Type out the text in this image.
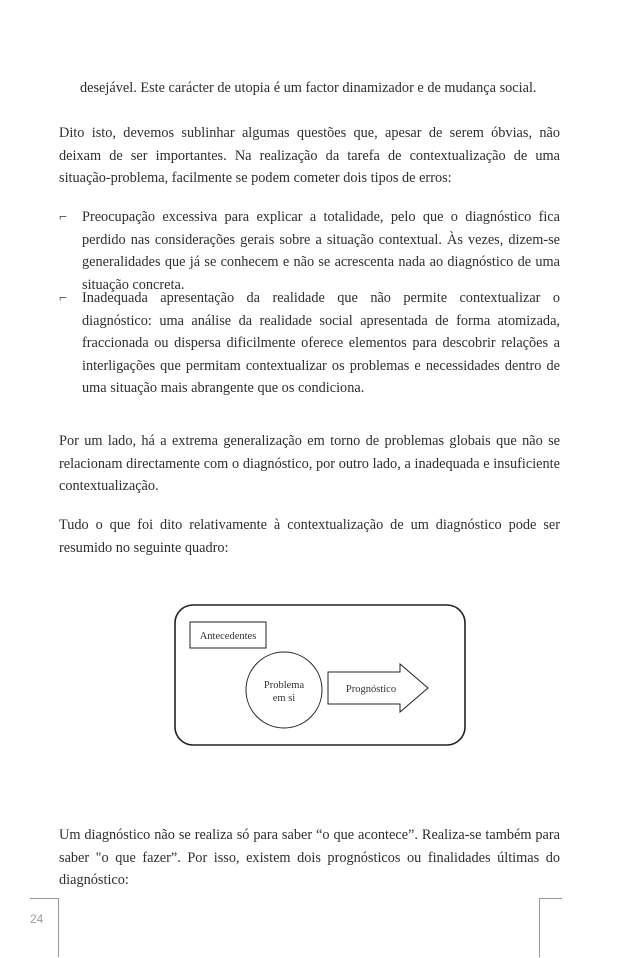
desejável. Este carácter de utopia é um factor dinamizador e de mudança social.

Dito isto, devemos sublinhar algumas questões que, apesar de serem óbvias, não deixam de ser importantes. Na realização da tarefa de contextualização de uma situação-problema, facilmente se podem cometer dois tipos de erros:

⌐ Preocupação excessiva para explicar a totalidade, pelo que o diagnóstico fica perdido nas considerações gerais sobre a situação contextual. Às vezes, dizem-se generalidades que já se conhecem e não se acrescenta nada ao diagnóstico de uma situação concreta.

⌐ Inadequada apresentação da realidade que não permite contextualizar o diagnóstico: uma análise da realidade social apresentada de forma atomizada, fraccionada ou dispersa dificilmente oferece elementos para descobrir relações a interligações que permitam contextualizar os problemas e necessidades dentro de uma situação mais abrangente que os condiciona.

Por um lado, há a extrema generalização em torno de problemas globais que não se relacionam directamente com o diagnóstico, por outro lado, a inadequada e insuficiente contextualização.

Tudo o que foi dito relativamente à contextualização de um diagnóstico pode ser resumido no seguinte quadro:

Antecedentes
Prognóstico
Problema
em si

Um diagnóstico não se realiza só para saber “o que acontece”. Realiza-se também para saber "o que fazer”. Por isso, existem dois prognósticos ou finalidades últimas do diagnóstico:

24
